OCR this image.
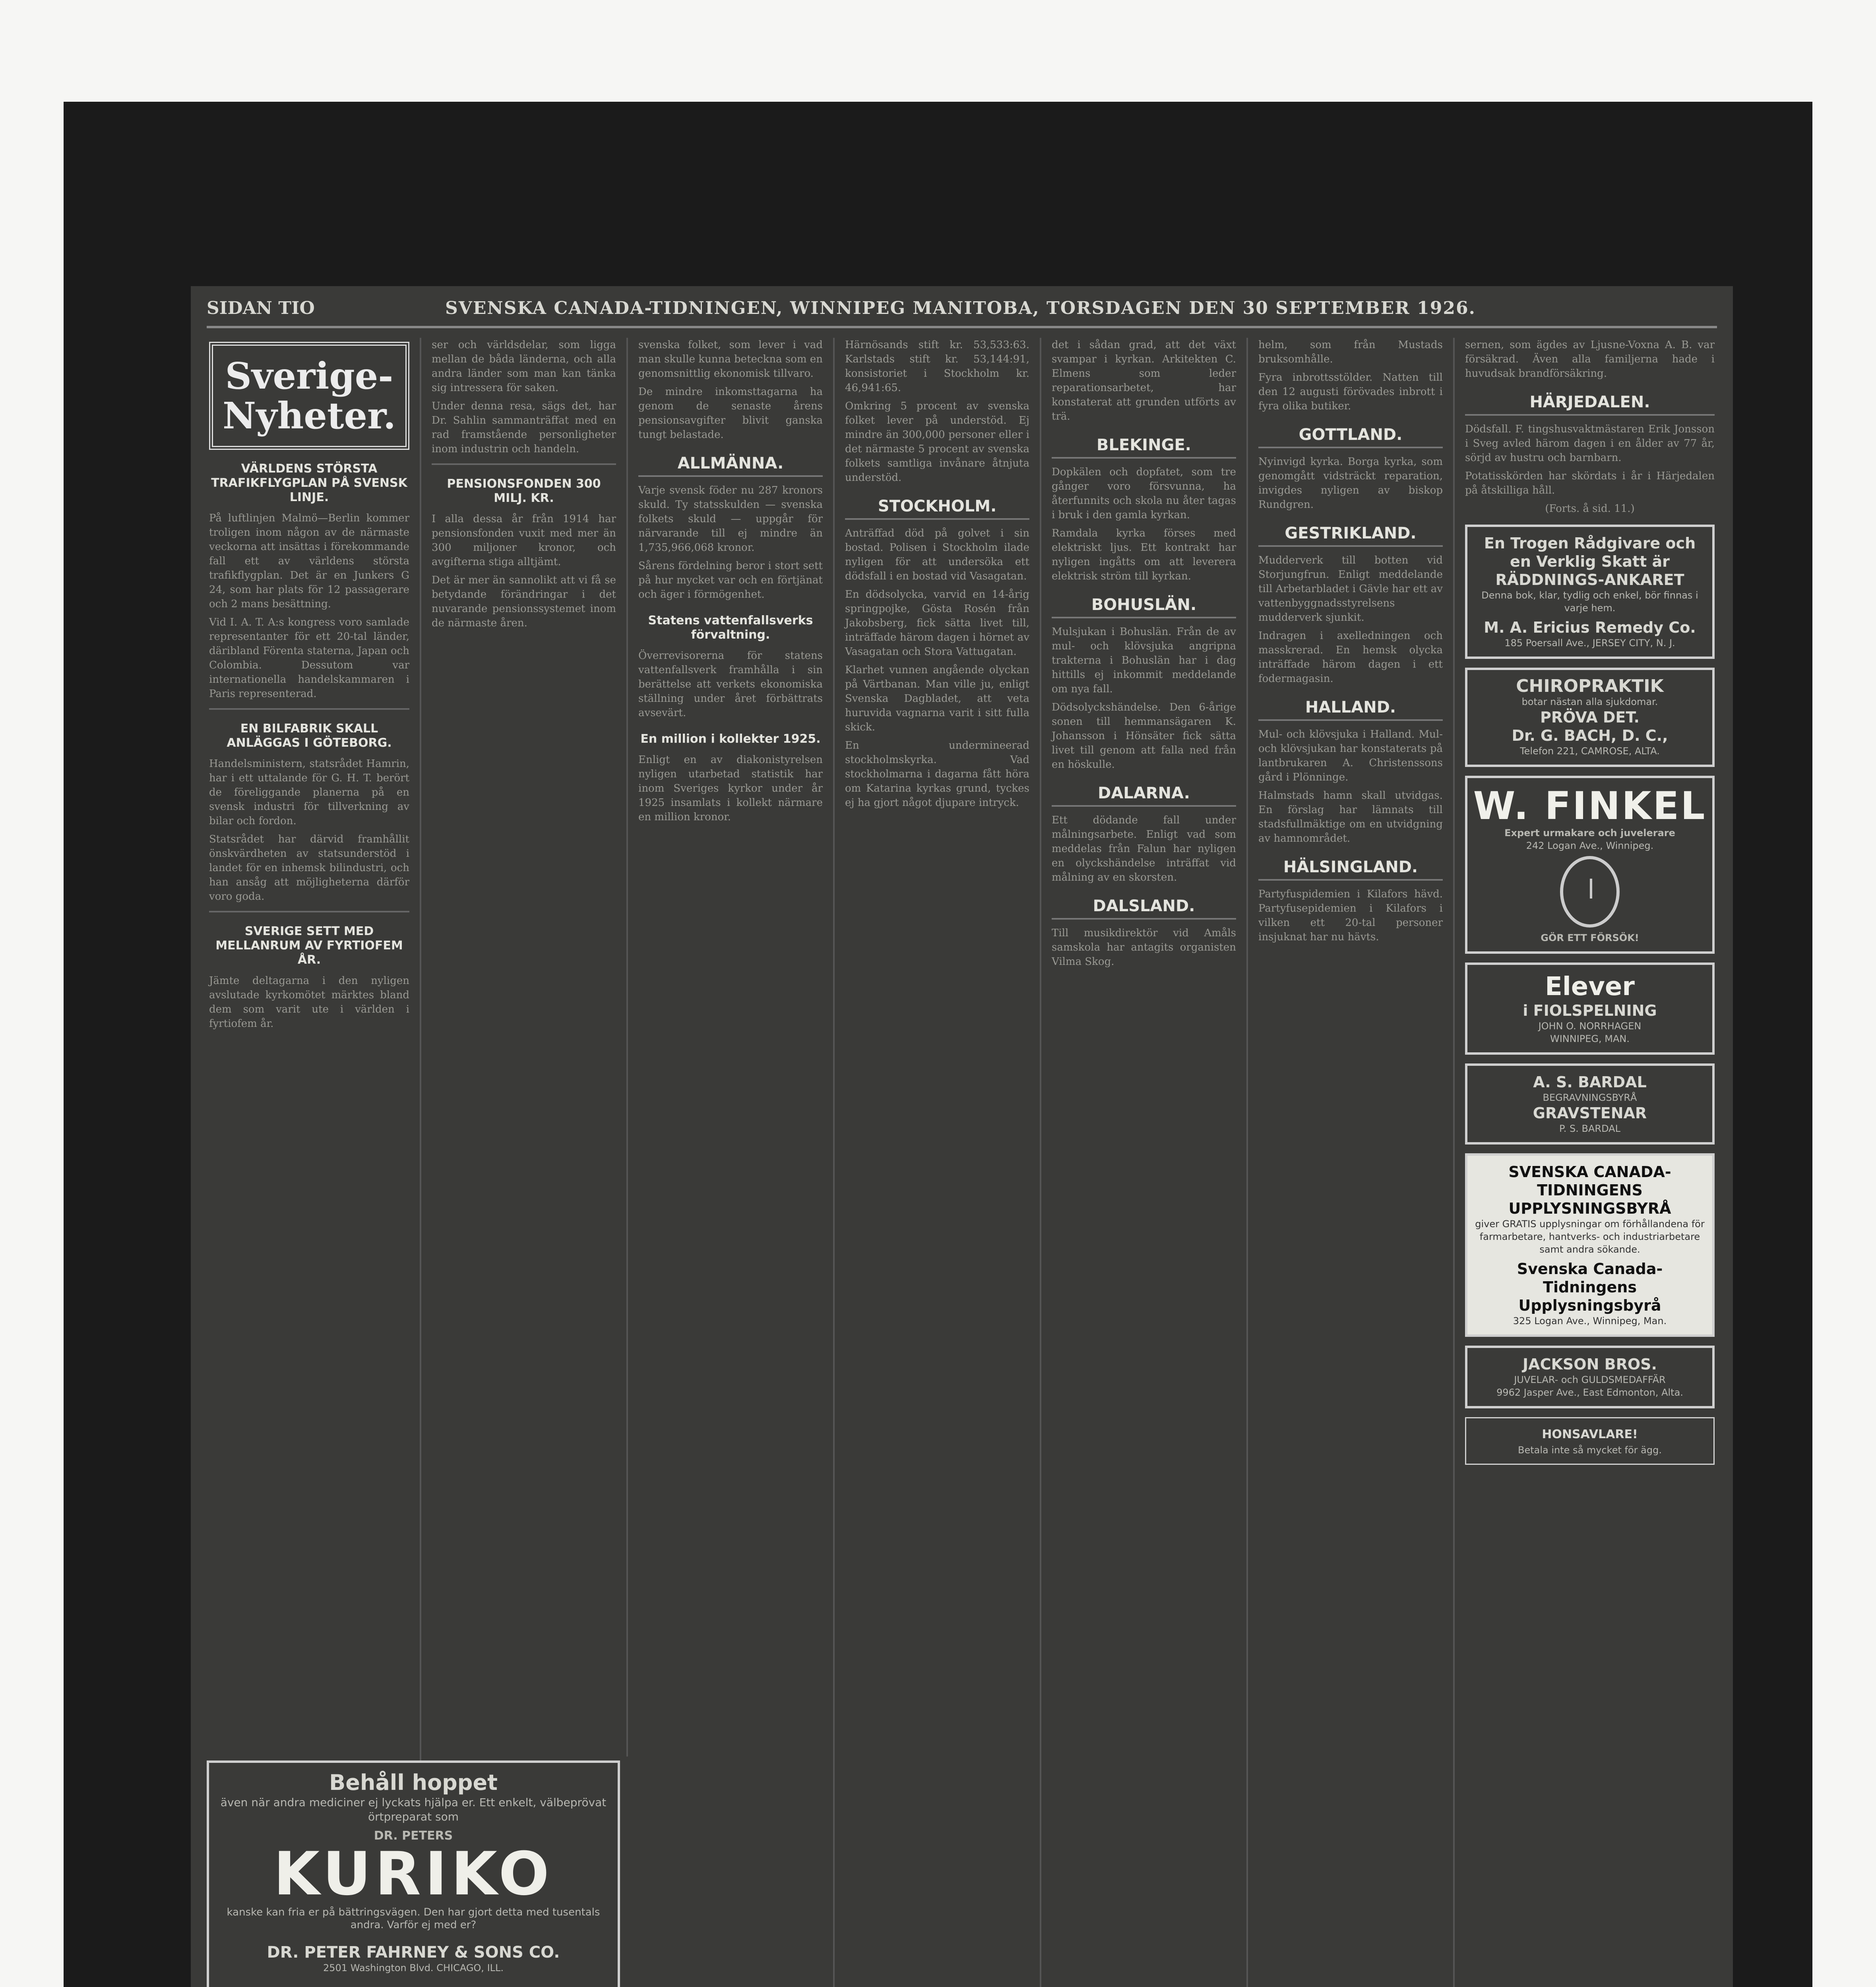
SIDAN TIO	SVENSKA CANADA-TIDNINGEN, WINNIPEG MANITOBA, TORSDAGEN DEN 30 SEPTEMBER 1926.
Sverige-Nyheter.
VÄRLDENS STÖRSTA TRAFIKFLYGPLAN PÅ SVENSK LINJE.

På luftlinjen Malmö—Berlin kommer troligen inom någon av de närmaste veckorna att insättas i förekommande fall ett av världens största trafikflygplan. Det är en Junkers G 24, som har plats för 12 passagerare och 2 mans besättning.

Vid I. A. T. A:s kongress voro samlade representanter för ett 20-tal länder, däribland Förenta staterna, Japan och Colombia. Dessutom var internationella handelskammaren i Paris representerad.

EN BILFABRIK SKALL ANLÄGGAS I GÖTEBORG.

Handelsministern, statsrådet Hamrin, har i ett uttalande för G. H. T. berört de föreliggande planerna på en svensk industri för tillverkning av bilar och fordon.

Statsrådet har därvid framhållit önskvärdheten av statsunderstöd i landet för en inhemsk bilindustri, och han ansåg att möjligheterna därför voro goda.

SVERIGE SETT MED MELLANRUM AV FYRTIOFEM ÅR.

Jämte deltagarna i den nyligen avslutade kyrkomötet märktes bland dem som varit ute i världen i fyrtiofem år.

Behåll hoppet
även när andra mediciner ej lyckats hjälpa er. Ett enkelt, välbeprövat örtpreparat som
DR. PETERS
KURIKO
kanske kan fria er på bättringsvägen. Den har gjort detta med tusentals andra. Varför ej med er?
DR. PETER FAHRNEY & SONS CO.
2501 Washington Blvd. CHICAGO, ILL.

ser och världsdelar, som ligga mellan de båda länderna, och alla andra länder som man kan tänka sig intressera för saken.

Under denna resa, sägs det, har Dr. Sahlin sammanträffat med en rad framstående personligheter inom industrin och handeln.

PENSIONSFONDEN 300 MILJ. KR.

I alla dessa år från 1914 har pensionsfonden vuxit med mer än 300 miljoner kronor, och avgifterna stiga alltjämt.

Det är mer än sannolikt att vi få se betydande förändringar i det nuvarande pensionssystemet inom de närmaste åren.

svenska folket, som lever i vad man skulle kunna beteckna som en genomsnittlig ekonomisk tillvaro.

De mindre inkomsttagarna ha genom de senaste årens pensionsavgifter blivit ganska tungt belastade.

ALLMÄNNA.

Varje svensk föder nu 287 kronors skuld. Ty statsskulden — svenska folkets skuld — uppgår för närvarande till ej mindre än 1,735,966,068 kronor.

Sårens fördelning beror i stort sett på hur mycket var och en förtjänat och äger i förmögenhet.

Statens vattenfallsverks förvaltning.

Överrevisorerna för statens vattenfallsverk framhålla i sin berättelse att verkets ekonomiska ställning under året förbättrats avsevärt.

En million i kollekter 1925.

Enligt en av diakonistyrelsen nyligen utarbetad statistik har inom Sveriges kyrkor under år 1925 insamlats i kollekt närmare en million kronor.

Härnösands stift kr. 53,533:63. Karlstads stift kr. 53,144:91, konsistoriet i Stockholm kr. 46,941:65.

Omkring 5 procent av svenska folket lever på understöd. Ej mindre än 300,000 personer eller i det närmaste 5 procent av svenska folkets samtliga invånare åtnjuta understöd.

STOCKHOLM.

Anträffad död på golvet i sin bostad. Polisen i Stockholm ilade nyligen för att undersöka ett dödsfall i en bostad vid Vasagatan.

En dödsolycka, varvid en 14-årig springpojke, Gösta Rosén från Jakobsberg, fick sätta livet till, inträffade härom dagen i hörnet av Vasagatan och Stora Vattugatan.

Klarhet vunnen angående olyckan på Värtbanan. Man ville ju, enligt Svenska Dagbladet, att veta huruvida vagnarna varit i sitt fulla skick.

En undermineerad stockholmskyrka. Vad stockholmarna i dagarna fått höra om Katarina kyrkas grund, tyckes ej ha gjort något djupare intryck.

det i sådan grad, att det växt svampar i kyrkan. Arkitekten C. Elmens som leder reparationsarbetet, har konstaterat att grunden utförts av trä.

BLEKINGE.

Dopkälen och dopfatet, som tre gånger voro försvunna, ha återfunnits och skola nu åter tagas i bruk i den gamla kyrkan.

Ramdala kyrka förses med elektriskt ljus. Ett kontrakt har nyligen ingåtts om att leverera elektrisk ström till kyrkan.

BOHUSLÄN.

Mulsjukan i Bohuslän. Från de av mul- och klövsjuka angripna trakterna i Bohuslän har i dag hittills ej inkommit meddelande om nya fall.

Dödsolyckshändelse. Den 6-årige sonen till hemmansägaren K. Johansson i Hönsäter fick sätta livet till genom att falla ned från en höskulle.

DALARNA.

Ett dödande fall under målningsarbete. Enligt vad som meddelas från Falun har nyligen en olyckshändelse inträffat vid målning av en skorsten.

DALSLAND.

Till musikdirektör vid Amåls samskola har antagits organisten Vilma Skog.

helm, som från Mustads bruksomhålle.

Fyra inbrottsstölder. Natten till den 12 augusti förövades inbrott i fyra olika butiker.

GOTTLAND.

Nyinvigd kyrka. Borga kyrka, som genomgått vidsträckt reparation, invigdes nyligen av biskop Rundgren.

GESTRIKLAND.

Mudderverk till botten vid Storjungfrun. Enligt meddelande till Arbetarbladet i Gävle har ett av vattenbyggnadsstyrelsens mudderverk sjunkit.

Indragen i axelledningen och masskrerad. En hemsk olycka inträffade härom dagen i ett fodermagasin.

HALLAND.

Mul- och klövsjuka i Halland. Mul- och klövsjukan har konstaterats på lantbrukaren A. Christenssons gård i Plönninge.

Halmstads hamn skall utvidgas. En förslag har lämnats till stadsfullmäktige om en utvidgning av hamnområdet.

HÄLSINGLAND.

Partyfuspidemien i Kilafors hävd. Partyfusepidemien i Kilafors i vilken ett 20-tal personer insjuknat har nu hävts.

sernen, som ägdes av Ljusne-Voxna A. B. var försäkrad. Även alla familjerna hade i huvudsak brandförsäkring.

HÄRJEDALEN.

Dödsfall. F. tingshusvaktmästaren Erik Jonsson i Sveg avled härom dagen i en ålder av 77 år, sörjd av hustru och barnbarn.

Potatisskörden har skördats i år i Härjedalen på åtskilliga håll.

(Forts. å sid. 11.)

En Trogen Rådgivare och en Verklig Skatt är RÄDDNINGS-ANKARET
Denna bok, klar, tydlig och enkel, bör finnas i varje hem.
M. A. Ericius Remedy Co.
185 Poersall Ave., JERSEY CITY, N. J.
CHIROPRAKTIK
botar nästan alla sjukdomar.
PRÖVA DET.
Dr. G. BACH, D. C.,
Telefon 221, CAMROSE, ALTA.
W. FINKEL
Expert urmakare och juvelerare
242 Logan Ave., Winnipeg.
GÖR ETT FÖRSÖK!
Elever
i FIOLSPELNING
JOHN O. NORRHAGEN
WINNIPEG, MAN.
A. S. BARDAL
BEGRAVNINGSBYRÅ
GRAVSTENAR
P. S. BARDAL
SVENSKA CANADA-TIDNINGENS UPPLYSNINGSBYRÅ
giver GRATIS upplysningar om förhållandena för farmarbetare, hantverks- och industriarbetare samt andra sökande.
Svenska Canada-Tidningens Upplysningsbyrå
325 Logan Ave., Winnipeg, Man.
JACKSON BROS.
JUVELAR- och GULDSMEDAFFÄR
9962 Jasper Ave., East Edmonton, Alta.
HONSAVLARE!
Betala inte så mycket för ägg.
